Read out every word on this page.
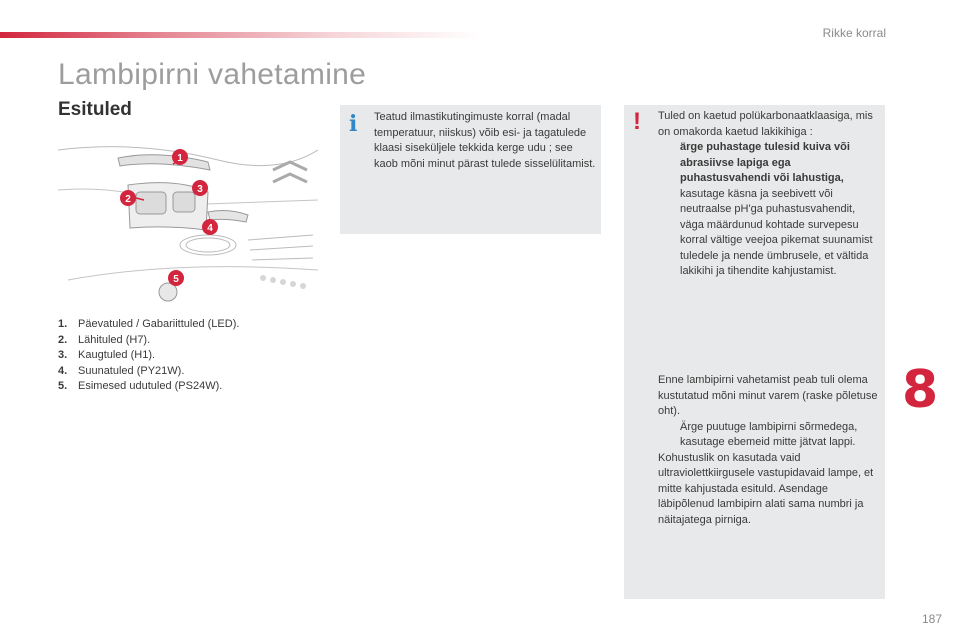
Rikke korral
Lambipirni vahetamine
Esituled
1
2
3
4
5
1. Päevatuled / Gabariittuled (LED).
2. Lähituled (H7).
3. Kaugtuled (H1).
4. Suunatuled (PY21W).
5. Esimesed udutuled (PS24W).
i Teatud ilmastikutingimuste korral (madal temperatuur, niiskus) võib esi- ja tagatulede klaasi siseküljele tekkida kerge udu ; see kaob mõni minut pärast tulede sisselülitamist.
! Tuled on kaetud polükarbonaatklaasiga, mis on omakorda kaetud lakikihiga :

ärge puhastage tulesid kuiva või abrasiivse lapiga ega puhastusvahendi või lahustiga,
kasutage käsna ja seebivett või neutraalse pH'ga puhastusvahendit,
väga määrdunud kohtade survepesu korral vältige veejoa pikemat suunamist tuledele ja nende ümbrusele, et vältida lakikihi ja tihendite kahjustamist.

Enne lambipirni vahetamist peab tuli olema kustutatud mõni minut varem (raske põletuse oht).

Ärge puutuge lambipirni sõrmedega, kasutage ebemeid mitte jätvat lappi.

Kohustuslik on kasutada vaid ultraviolettkiirgusele vastupidavaid lampe, et mitte kahjustada esituld. Asendage läbipõlenud lambipirn alati sama numbri ja näitajatega pirniga.

8
187
